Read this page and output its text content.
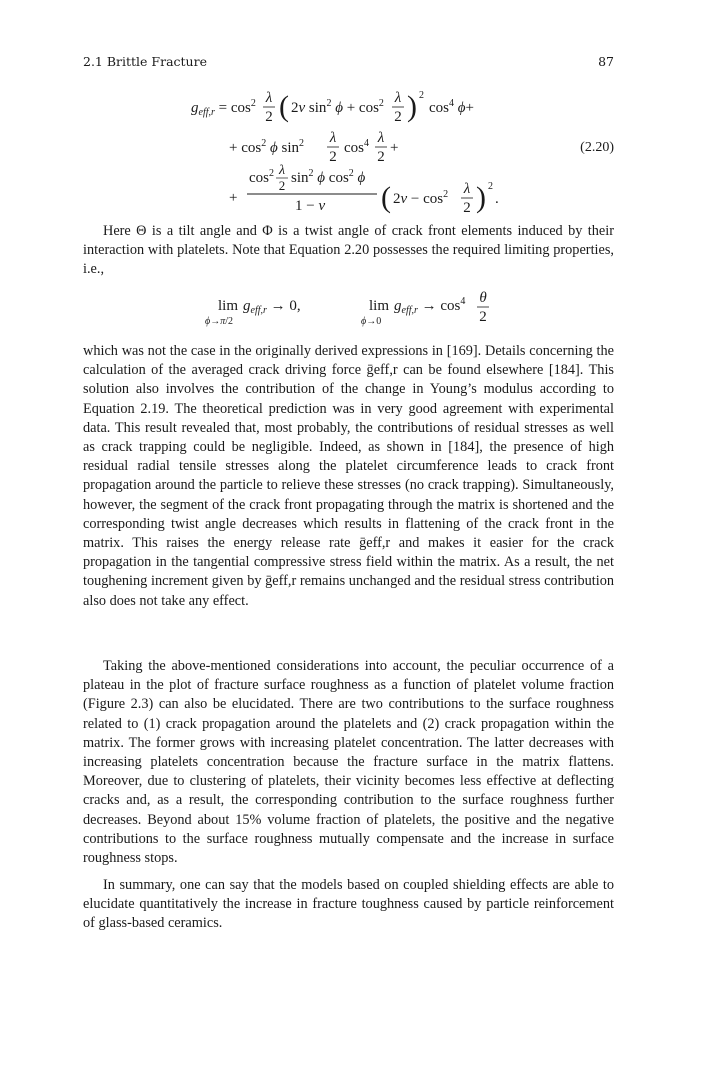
2.1 Brittle Fracture	87
$g_{eff,r} = \cos^2 \lambda$
2 ( 2ν $\sin^2 \phi + \cos^2 \lambda$
2 ) 2
$\cos^4 \phi+$
+ $\cos^2 \phi$ $\sin^2 \lambda$
2
$\cos^4 \lambda$
2
+
+
$\cos^2 \lambda$
2 $\sin^2 \phi$ $\cos^2 \phi$
1 − ν ( $2\nu - \cos^2 \lambda$
2 ) 2
.
(2.20)

Here Θ is a tilt angle and Φ is a twist angle of crack front elements induced by their interaction with platelets. Note that Equation 2.20 possesses the required limiting properties, i.e.,

lim
ϕ→π/2
$g_{eff,r} \to 0$,	lim
ϕ→0
$g_{eff,r} \to \cos^4 \theta$
2

which was not the case in the originally derived expressions in [169]. Details concerning the calculation of the averaged crack driving force ḡeff,r can be found elsewhere [184]. This solution also involves the contribution of the change in Young’s modulus according to Equation 2.19. The theoretical prediction was in very good agreement with experimental data. This result revealed that, most probably, the contributions of residual stresses as well as crack trapping could be negligible. Indeed, as shown in [184], the presence of high residual radial tensile stresses along the platelet circumference leads to crack front propagation around the particle to relieve these stresses (no crack trapping). Simultaneously, however, the segment of the crack front propagating through the matrix is shortened and the corresponding twist angle decreases which results in flattening of the crack front in the matrix. This raises the energy release rate ḡeff,r and makes it easier for the crack propagation in the tangential compressive stress field within the matrix. As a result, the net toughening increment given by ḡeff,r remains unchanged and the residual stress contribution also does not take any effect.

Taking the above-mentioned considerations into account, the peculiar occurrence of a plateau in the plot of fracture surface roughness as a function of platelet volume fraction (Figure 2.3) can also be elucidated. There are two contributions to the surface roughness related to (1) crack propagation around the platelets and (2) crack propagation within the matrix. The former grows with increasing platelet concentration. The latter decreases with increasing platelets concentration because the fracture surface in the matrix flattens. Moreover, due to clustering of platelets, their vicinity becomes less effective at deflecting cracks and, as a result, the corresponding contribution to the surface roughness further decreases. Beyond about 15% volume fraction of platelets, the positive and the negative contributions to the surface roughness mutually compensate and the increase in surface roughness stops.

In summary, one can say that the models based on coupled shielding effects are able to elucidate quantitatively the increase in fracture toughness caused by particle reinforcement of glass-based ceramics.
